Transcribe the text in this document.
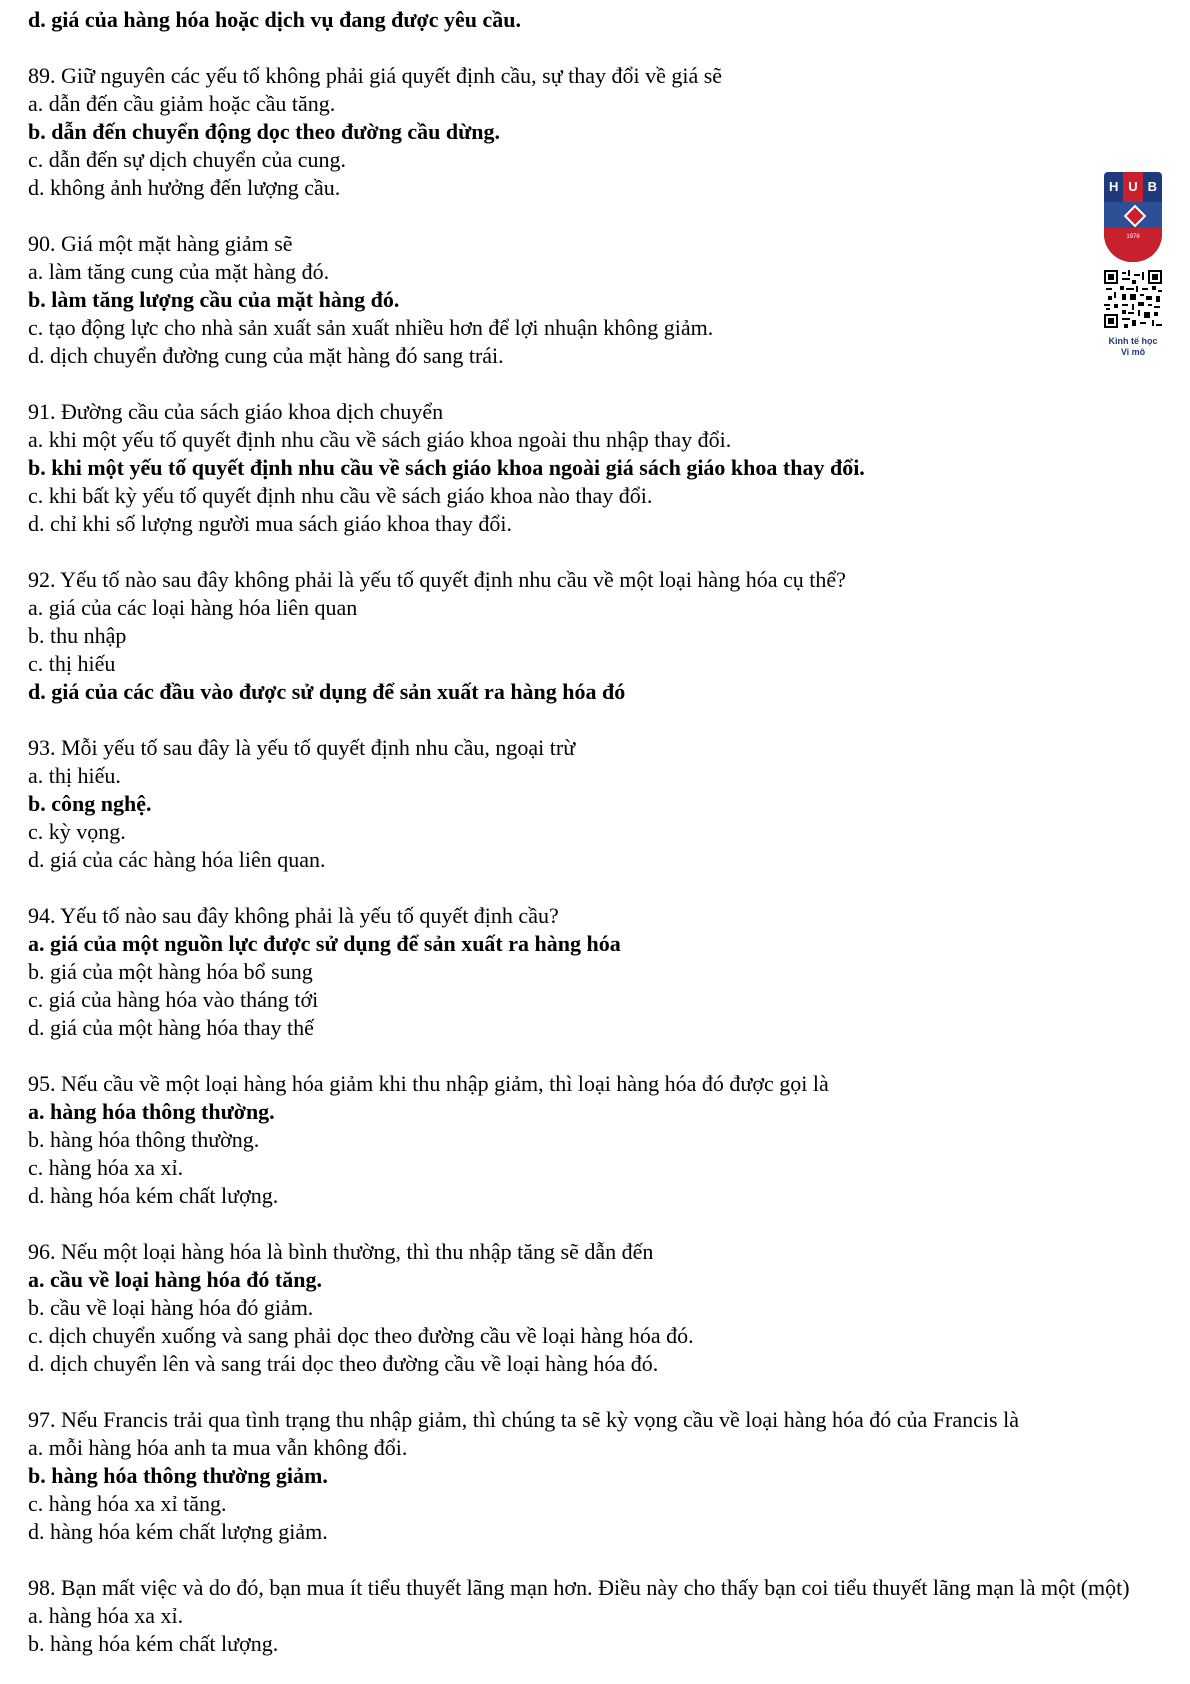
d. giá của hàng hóa hoặc dịch vụ đang được yêu cầu.

89. Giữ nguyên các yếu tố không phải giá quyết định cầu, sự thay đổi về giá sẽ

a. dẫn đến cầu giảm hoặc cầu tăng.

b. dẫn đến chuyển động dọc theo đường cầu dừng.

c. dẫn đến sự dịch chuyển của cung.

d. không ảnh hưởng đến lượng cầu.

90. Giá một mặt hàng giảm sẽ

a. làm tăng cung của mặt hàng đó.

b. làm tăng lượng cầu của mặt hàng đó.

c. tạo động lực cho nhà sản xuất sản xuất nhiều hơn để lợi nhuận không giảm.

d. dịch chuyển đường cung của mặt hàng đó sang trái.

91. Đường cầu của sách giáo khoa dịch chuyển

a. khi một yếu tố quyết định nhu cầu về sách giáo khoa ngoài thu nhập thay đổi.

b. khi một yếu tố quyết định nhu cầu về sách giáo khoa ngoài giá sách giáo khoa thay đổi.

c. khi bất kỳ yếu tố quyết định nhu cầu về sách giáo khoa nào thay đổi.

d. chỉ khi số lượng người mua sách giáo khoa thay đổi.

92. Yếu tố nào sau đây không phải là yếu tố quyết định nhu cầu về một loại hàng hóa cụ thể?

a. giá của các loại hàng hóa liên quan

b. thu nhập

c. thị hiếu

d. giá của các đầu vào được sử dụng để sản xuất ra hàng hóa đó

93. Mỗi yếu tố sau đây là yếu tố quyết định nhu cầu, ngoại trừ

a. thị hiếu.

b. công nghệ.

c. kỳ vọng.

d. giá của các hàng hóa liên quan.

94. Yếu tố nào sau đây không phải là yếu tố quyết định cầu?

a. giá của một nguồn lực được sử dụng để sản xuất ra hàng hóa

b. giá của một hàng hóa bổ sung

c. giá của hàng hóa vào tháng tới

d. giá của một hàng hóa thay thế

95. Nếu cầu về một loại hàng hóa giảm khi thu nhập giảm, thì loại hàng hóa đó được gọi là

a. hàng hóa thông thường.

b. hàng hóa thông thường.

c. hàng hóa xa xỉ.

d. hàng hóa kém chất lượng.

96. Nếu một loại hàng hóa là bình thường, thì thu nhập tăng sẽ dẫn đến

a. cầu về loại hàng hóa đó tăng.

b. cầu về loại hàng hóa đó giảm.

c. dịch chuyển xuống và sang phải dọc theo đường cầu về loại hàng hóa đó.

d. dịch chuyển lên và sang trái dọc theo đường cầu về loại hàng hóa đó.

97. Nếu Francis trải qua tình trạng thu nhập giảm, thì chúng ta sẽ kỳ vọng cầu về loại hàng hóa đó của Francis là

a. mỗi hàng hóa anh ta mua vẫn không đổi.

b. hàng hóa thông thường giảm.

c. hàng hóa xa xỉ tăng.

d. hàng hóa kém chất lượng giảm.

98. Bạn mất việc và do đó, bạn mua ít tiểu thuyết lãng mạn hơn. Điều này cho thấy bạn coi tiểu thuyết lãng mạn là một (một)

a. hàng hóa xa xỉ.

b. hàng hóa kém chất lượng.

H U B
1976
Kinh tế học
Vi mô
